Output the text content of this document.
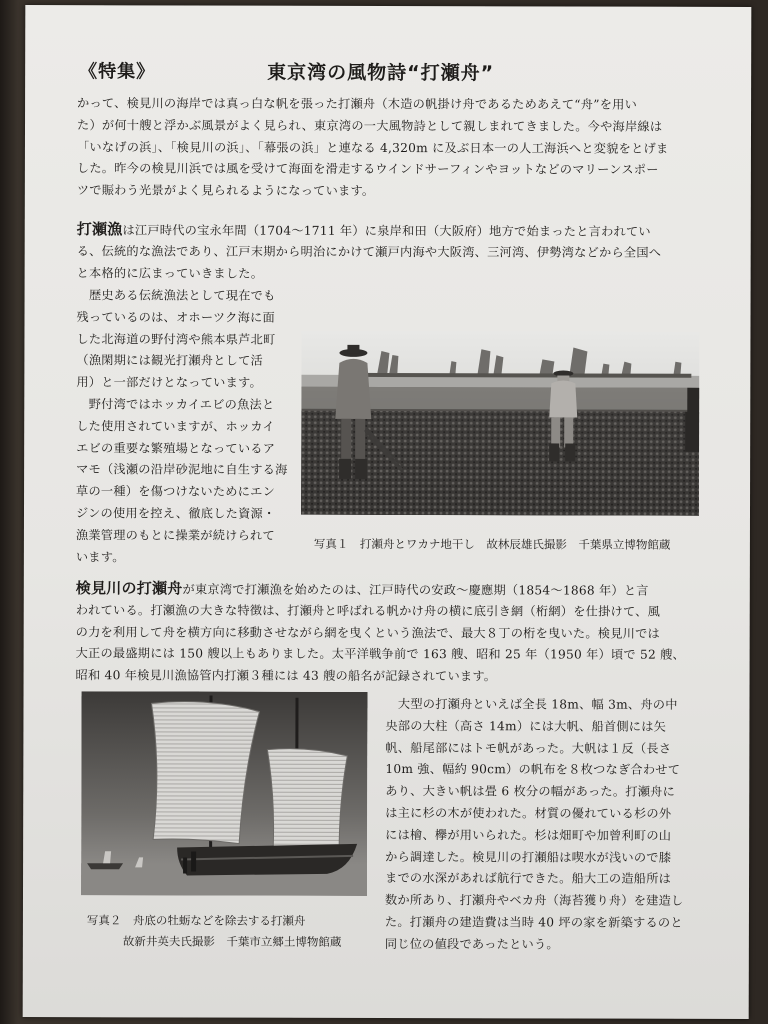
《特集》	東京湾の風物詩“打瀬舟”

かって、検見川の海岸では真っ白な帆を張った打瀬舟（木造の帆掛け舟であるためあえて“舟”を用い

た）が何十艘と浮かぶ風景がよく見られ、東京湾の一大風物詩として親しまれてきました。今や海岸線は

「いなげの浜」、「検見川の浜」、「幕張の浜」と連なる 4,320m に及ぶ日本一の人工海浜へと変貌をとげま

した。昨今の検見川浜では風を受けて海面を滑走するウインドサーフィンやヨットなどのマリーンスポー

ツで賑わう光景がよく見られるようになっています。

打瀬漁は江戸時代の宝永年間（1704～1711 年）に泉岸和田（大阪府）地方で始まったと言われてい

る、伝統的な漁法であり、江戸末期から明治にかけて瀬戸内海や大阪湾、三河湾、伊勢湾などから全国へ

と本格的に広まっていきました。

　歴史ある伝統漁法として現在でも

残っているのは、オホーツク海に面

した北海道の野付湾や熊本県芦北町

（漁閑期には観光打瀬舟として活

用）と一部だけとなっています。

　野付湾ではホッカイエビの魚法と

した使用されていますが、ホッカイ

エビの重要な繁殖場となっているア

マモ（浅瀬の沿岸砂泥地に自生する海

草の一種）を傷つけないためにエン

ジンの使用を控え、徹底した資源・

漁業管理のもとに操業が続けられて

います。

写真１　打瀬舟とワカナ地干し　故林辰雄氏撮影　千葉県立博物館蔵

検見川の打瀬舟が東京湾で打瀬漁を始めたのは、江戸時代の安政～慶應期（1854～1868 年）と言

われている。打瀬漁の大きな特徴は、打瀬舟と呼ばれる帆かけ舟の横に底引き網（桁網）を仕掛けて、風

の力を利用して舟を横方向に移動させながら網を曳くという漁法で、最大８丁の桁を曳いた。検見川では

大正の最盛期には 150 艘以上もありました。太平洋戦争前で 163 艘、昭和 25 年（1950 年）頃で 52 艘、

昭和 40 年検見川漁協管内打瀬３種には 43 艘の船名が記録されています。

写真２　舟底の牡蛎などを除去する打瀬舟

故新井英夫氏撮影　千葉市立郷土博物館蔵

　大型の打瀬舟といえば全長 18m、幅 3m、舟の中

央部の大柱（高さ 14m）には大帆、船首側には矢

帆、船尾部にはトモ帆があった。大帆は１反（長さ

10m 強、幅約 90cm）の帆布を８枚つなぎ合わせて

あり、大きい帆は畳 6 枚分の幅があった。打瀬舟に

は主に杉の木が使われた。材質の優れている杉の外

には檜、欅が用いられた。杉は畑町や加曾利町の山

から調達した。検見川の打瀬船は喫水が浅いので膝

までの水深があれば航行できた。船大工の造船所は

数か所あり、打瀬舟やベカ舟（海苔獲り舟）を建造し

た。打瀬舟の建造費は当時 40 坪の家を新築するのと

同じ位の値段であったという。
